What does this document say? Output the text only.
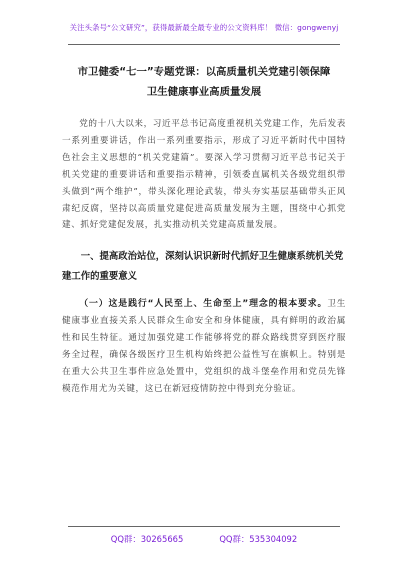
关注头条号“公文研究”，获得最新最全最专业的公文资料库！ 微信：gongwenyj
市卫健委“七一”专题党课：以高质量机关党建引领保障
卫生健康事业高质量发展

党的十八大以来，习近平总书记高度重视机关党建工作，先后发表一系列重要讲话，作出一系列重要指示，形成了习近平新时代中国特色社会主义思想的“机关党建篇”。要深入学习贯彻习近平总书记关于机关党建的重要讲话和重要指示精神，引领委直属机关各级党组织带头做到“两个维护”，带头深化理论武装，带头夯实基层基础带头正风肃纪反腐，坚持以高质量党建促进高质量发展为主题，围绕中心抓党建、抓好党建促发展，扎实推动机关党建高质量发展。

一、提高政治站位，深刻认识识新时代抓好卫生健康系统机关党建工作的重要意义

（一）这是践行“人民至上、生命至上”理念的根本要求。卫生健康事业直接关系人民群众生命安全和身体健康，具有鲜明的政治属性和民生特征。通过加强党建工作能够将党的群众路线贯穿到医疗服务全过程，确保各级医疗卫生机构始终把公益性写在旗帜上。特别是在重大公共卫生事件应急处置中，党组织的战斗堡垒作用和党员先锋模范作用尤为关键，这已在新冠疫情防控中得到充分验证。

QQ群：30265665	QQ群：535304092
